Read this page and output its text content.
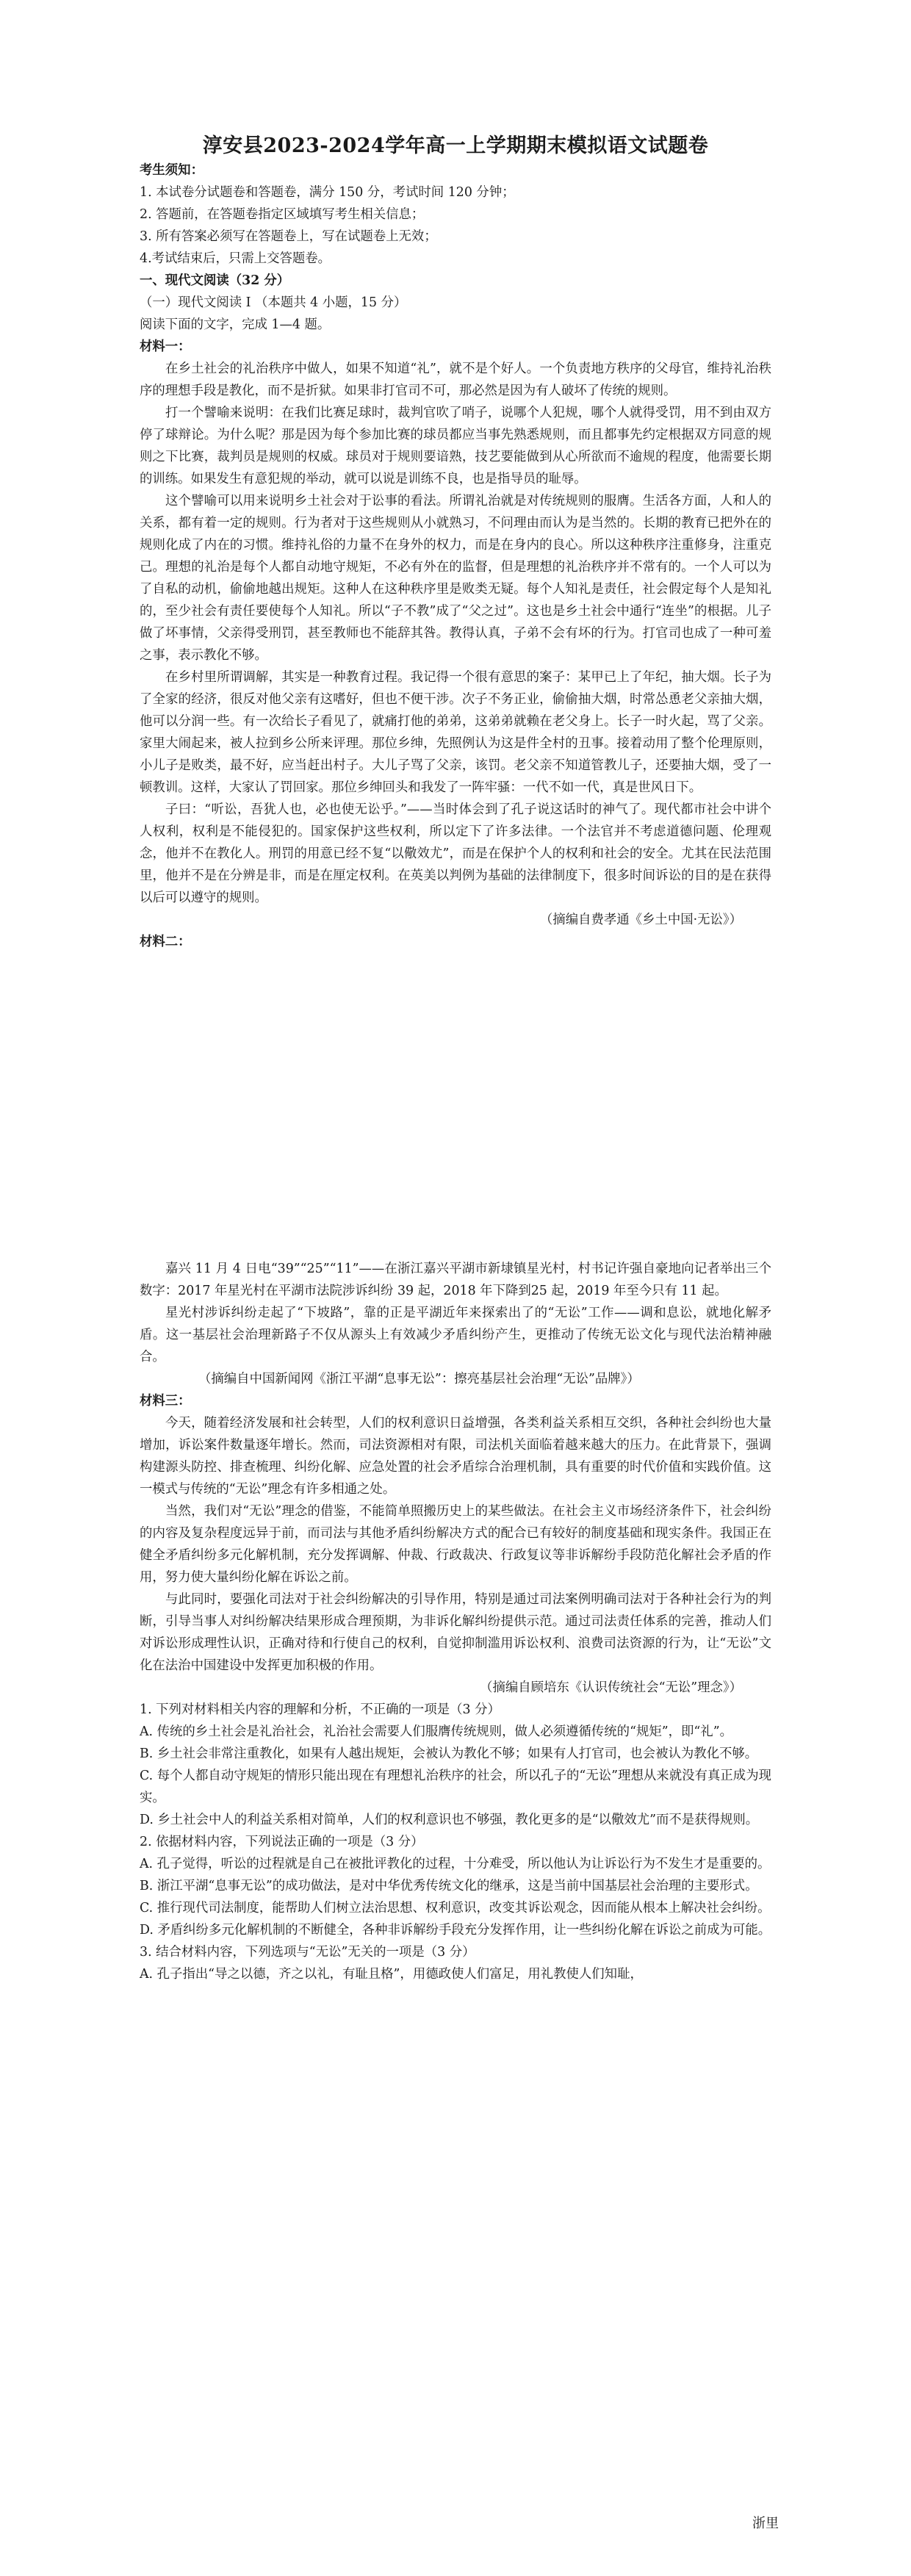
淳安县2023-2024学年高一上学期期末模拟语文试题卷

考生须知：

1. 本试卷分试题卷和答题卷，满分 150 分，考试时间 120 分钟；

2. 答题前，在答题卷指定区域填写考生相关信息；

3. 所有答案必须写在答题卷上，写在试题卷上无效；

4.考试结束后，只需上交答题卷。

一、现代文阅读（32 分）

（一）现代文阅读 I （本题共 4 小题，15 分）

阅读下面的文字，完成 1—4 题。

材料一：

在乡土社会的礼治秩序中做人，如果不知道“礼”，就不是个好人。一个负责地方秩序的父母官，维持礼治秩序的理想手段是教化，而不是折狱。如果非打官司不可，那必然是因为有人破坏了传统的规则。

打一个譬喻来说明：在我们比赛足球时，裁判官吹了哨子，说哪个人犯规，哪个人就得受罚，用不到由双方停了球辩论。为什么呢？那是因为每个参加比赛的球员都应当事先熟悉规则，而且都事先约定根据双方同意的规则之下比赛，裁判员是规则的权威。球员对于规则要谙熟，技艺要能做到从心所欲而不逾规的程度，他需要长期的训练。如果发生有意犯规的举动，就可以说是训练不良，也是指导员的耻辱。

这个譬喻可以用来说明乡土社会对于讼事的看法。所谓礼治就是对传统规则的服膺。生活各方面，人和人的关系，都有着一定的规则。行为者对于这些规则从小就熟习，不问理由而认为是当然的。长期的教育已把外在的规则化成了内在的习惯。维持礼俗的力量不在身外的权力，而是在身内的良心。所以这种秩序注重修身，注重克己。理想的礼治是每个人都自动地守规矩，不必有外在的监督，但是理想的礼治秩序并不常有的。一个人可以为了自私的动机，偷偷地越出规矩。这种人在这种秩序里是败类无疑。每个人知礼是责任，社会假定每个人是知礼的，至少社会有责任要使每个人知礼。所以“子不教”成了“父之过”。这也是乡土社会中通行“连坐”的根据。儿子做了坏事情，父亲得受刑罚，甚至教师也不能辞其咎。教得认真，子弟不会有坏的行为。打官司也成了一种可羞之事，表示教化不够。

在乡村里所谓调解，其实是一种教育过程。我记得一个很有意思的案子：某甲已上了年纪，抽大烟。长子为了全家的经济，很反对他父亲有这嗜好，但也不便干涉。次子不务正业，偷偷抽大烟，时常怂恿老父亲抽大烟，他可以分润一些。有一次给长子看见了，就痛打他的弟弟，这弟弟就赖在老父身上。长子一时火起，骂了父亲。家里大闹起来，被人拉到乡公所来评理。那位乡绅，先照例认为这是件全村的丑事。接着动用了整个伦理原则，小儿子是败类，最不好，应当赶出村子。大儿子骂了父亲，该罚。老父亲不知道管教儿子，还要抽大烟，受了一顿教训。这样，大家认了罚回家。那位乡绅回头和我发了一阵牢骚：一代不如一代，真是世风日下。

子曰：“听讼，吾犹人也，必也使无讼乎。”——当时体会到了孔子说这话时的神气了。现代都市社会中讲个人权利，权利是不能侵犯的。国家保护这些权利，所以定下了许多法律。一个法官并不考虑道德问题、伦理观念，他并不在教化人。刑罚的用意已经不复“以儆效尤”，而是在保护个人的权利和社会的安全。尤其在民法范围里，他并不是在分辨是非，而是在厘定权利。在英美以判例为基础的法律制度下，很多时间诉讼的目的是在获得以后可以遵守的规则。

（摘编自费孝通《乡土中国·无讼》）

材料二：

嘉兴 11 月 4 日电“39”“25”“11”——在浙江嘉兴平湖市新埭镇星光村，村书记许强自豪地向记者举出三个数字：2017 年星光村在平湖市法院涉诉纠纷 39 起，2018 年下降到25 起，2019 年至今只有 11 起。

星光村涉诉纠纷走起了“下坡路”，靠的正是平湖近年来探索出了的“无讼”工作——调和息讼，就地化解矛盾。这一基层社会治理新路子不仅从源头上有效减少矛盾纠纷产生，更推动了传统无讼文化与现代法治精神融合。

（摘编自中国新闻网《浙江平湖“息事无讼”：擦亮基层社会治理“无讼”品牌》）

材料三：

今天，随着经济发展和社会转型，人们的权利意识日益增强，各类利益关系相互交织，各种社会纠纷也大量增加，诉讼案件数量逐年增长。然而，司法资源相对有限，司法机关面临着越来越大的压力。在此背景下，强调构建源头防控、排查梳理、纠纷化解、应急处置的社会矛盾综合治理机制，具有重要的时代价值和实践价值。这一模式与传统的“无讼”理念有许多相通之处。

当然，我们对“无讼”理念的借鉴，不能简单照搬历史上的某些做法。在社会主义市场经济条件下，社会纠纷的内容及复杂程度远异于前，而司法与其他矛盾纠纷解决方式的配合已有较好的制度基础和现实条件。我国正在健全矛盾纠纷多元化解机制，充分发挥调解、仲裁、行政裁决、行政复议等非诉解纷手段防范化解社会矛盾的作用，努力使大量纠纷化解在诉讼之前。

与此同时，要强化司法对于社会纠纷解决的引导作用，特别是通过司法案例明确司法对于各种社会行为的判断，引导当事人对纠纷解决结果形成合理预期，为非诉化解纠纷提供示范。通过司法责任体系的完善，推动人们对诉讼形成理性认识，正确对待和行使自己的权利，自觉抑制滥用诉讼权利、浪费司法资源的行为，让“无讼”文化在法治中国建设中发挥更加积极的作用。

（摘编自顾培东《认识传统社会“无讼”理念》）

1. 下列对材料相关内容的理解和分析，不正确的一项是（3 分）

A. 传统的乡土社会是礼治社会，礼治社会需要人们服膺传统规则，做人必须遵循传统的“规矩”，即“礼”。

B. 乡土社会非常注重教化，如果有人越出规矩，会被认为教化不够；如果有人打官司，也会被认为教化不够。

C. 每个人都自动守规矩的情形只能出现在有理想礼治秩序的社会，所以孔子的“无讼”理想从来就没有真正成为现实。

D. 乡土社会中人的利益关系相对简单，人们的权利意识也不够强，教化更多的是“以儆效尤”而不是获得规则。

2. 依据材料内容，下列说法正确的一项是（3 分）

A. 孔子觉得，听讼的过程就是自己在被批评教化的过程，十分难受，所以他认为让诉讼行为不发生才是重要的。

B. 浙江平湖“息事无讼”的成功做法，是对中华优秀传统文化的继承，这是当前中国基层社会治理的主要形式。

C. 推行现代司法制度，能帮助人们树立法治思想、权利意识，改变其诉讼观念，因而能从根本上解决社会纠纷。

D. 矛盾纠纷多元化解机制的不断健全，各种非诉解纷手段充分发挥作用，让一些纠纷化解在诉讼之前成为可能。

3. 结合材料内容，下列选项与“无讼”无关的一项是（3 分）

A. 孔子指出“导之以德，齐之以礼，有耻且格”，用德政使人们富足，用礼教使人们知耻，

浙里
